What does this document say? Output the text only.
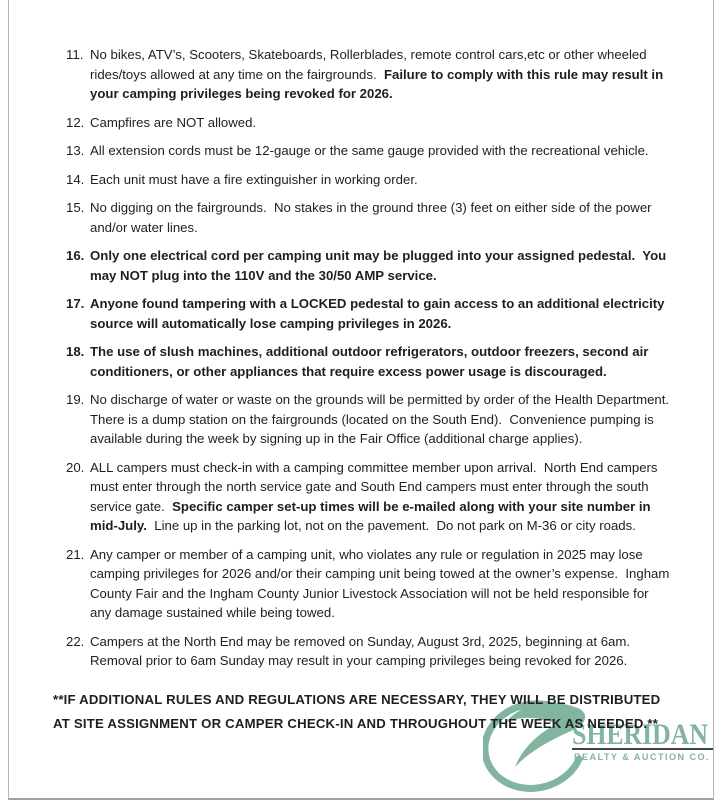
SHERIDAN
REALTY & AUCTION CO.
11. No bikes, ATV’s, Scooters, Skateboards, Rollerblades, remote control cars,etc or other wheeled rides/toys allowed at any time on the fairgrounds.  Failure to comply with this rule may result in your camping privileges being revoked for 2026.
12. Campfires are NOT allowed.
13. All extension cords must be 12-gauge or the same gauge provided with the recreational vehicle.
14. Each unit must have a fire extinguisher in working order.
15. No digging on the fairgrounds.  No stakes in the ground three (3) feet on either side of the power and/or water lines.
16. Only one electrical cord per camping unit may be plugged into your assigned pedestal.  You may NOT plug into the 110V and the 30/50 AMP service.
17. Anyone found tampering with a LOCKED pedestal to gain access to an additional electricity source will automatically lose camping privileges in 2026.
18. The use of slush machines, additional outdoor refrigerators, outdoor freezers, second air conditioners, or other appliances that require excess power usage is discouraged.
19. No discharge of water or waste on the grounds will be permitted by order of the Health Department.  There is a dump station on the fairgrounds (located on the South End).  Convenience pumping is available during the week by signing up in the Fair Office (additional charge applies).
20. ALL campers must check-in with a camping committee member upon arrival.  North End campers must enter through the north service gate and South End campers must enter through the south service gate.  Specific camper set-up times will be e-mailed along with your site number in mid-July.  Line up in the parking lot, not on the pavement.  Do not park on M-36 or city roads.
21. Any camper or member of a camping unit, who violates any rule or regulation in 2025 may lose camping privileges for 2026 and/or their camping unit being towed at the owner’s expense.  Ingham County Fair and the Ingham County Junior Livestock Association will not be held responsible for any damage sustained while being towed.
22. Campers at the North End may be removed on Sunday, August 3rd, 2025, beginning at 6am.  Removal prior to 6am Sunday may result in your camping privileges being revoked for 2026.
**IF ADDITIONAL RULES AND REGULATIONS ARE NECESSARY, THEY WILL BE DISTRIBUTED
AT SITE ASSIGNMENT OR CAMPER CHECK-IN AND THROUGHOUT THE WEEK AS NEEDED.**
